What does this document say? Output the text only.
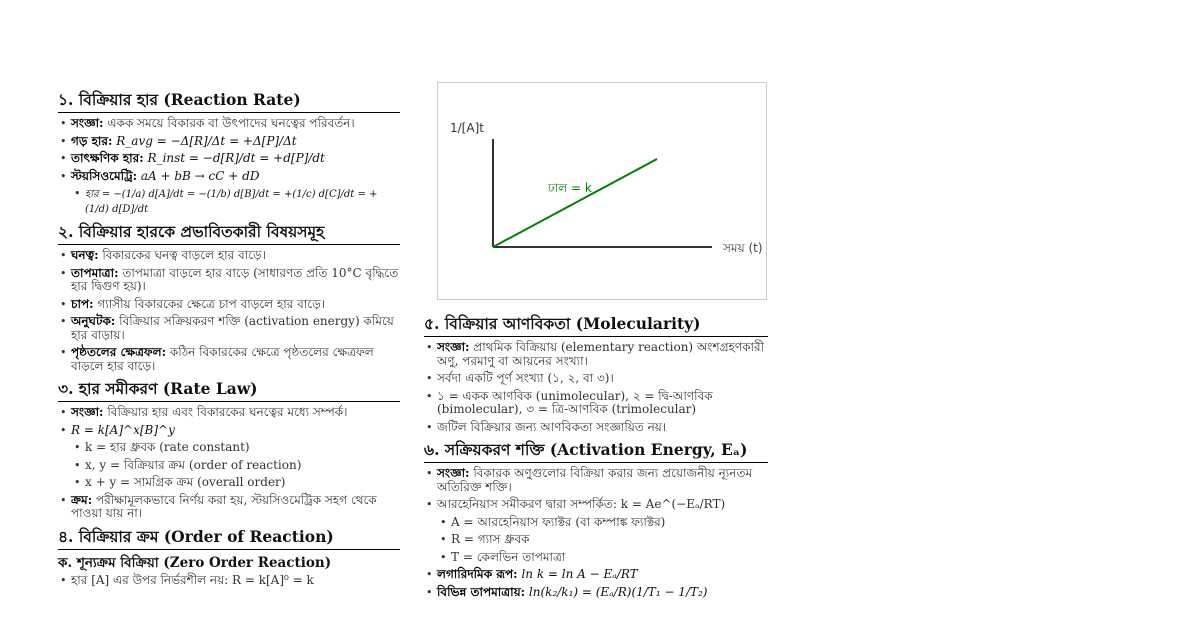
১. বিক্রিয়ার হার (Reaction Rate)
• সংজ্ঞা: একক সময়ে বিকারক বা উৎপাদের ঘনত্বের পরিবর্তন।
• গড় হার: R_avg = −Δ[R]/Δt = +Δ[P]/Δt
• তাৎক্ষণিক হার: R_inst = −d[R]/dt = +d[P]/dt
• স্টয়সিওমেট্রি: aA + bB → cC + dD
• হার = −(1/a) d[A]/dt = −(1/b) d[B]/dt = +(1/c) d[C]/dt = +(1/d) d[D]/dt
২. বিক্রিয়ার হারকে প্রভাবিতকারী বিষয়সমূহ
• ঘনত্ব: বিকারকের ঘনত্ব বাড়লে হার বাড়ে।
• তাপমাত্রা: তাপমাত্রা বাড়লে হার বাড়ে (সাধারণত প্রতি 10°C বৃদ্ধিতে হার দ্বিগুণ হয়)।
• চাপ: গ্যাসীয় বিকারকের ক্ষেত্রে চাপ বাড়লে হার বাড়ে।
• অনুঘটক: বিক্রিয়ার সক্রিয়করণ শক্তি (activation energy) কমিয়ে হার বাড়ায়।
• পৃষ্ঠতলের ক্ষেত্রফল: কঠিন বিকারকের ক্ষেত্রে পৃষ্ঠতলের ক্ষেত্রফল বাড়লে হার বাড়ে।
৩. হার সমীকরণ (Rate Law)
• সংজ্ঞা: বিক্রিয়ার হার এবং বিকারকের ঘনত্বের মধ্যে সম্পর্ক।
• R = k[A]^x[B]^y
• k = হার ধ্রুবক (rate constant)
• x, y = বিক্রিয়ার ক্রম (order of reaction)
• x + y = সামগ্রিক ক্রম (overall order)
• ক্রম: পরীক্ষামূলকভাবে নির্ণয় করা হয়, স্টয়সিওমেট্রিক সহগ থেকে পাওয়া যায় না।
৪. বিক্রিয়ার ক্রম (Order of Reaction)
ক. শূন্যক্রম বিক্রিয়া (Zero Order Reaction)
• হার [A] এর উপর নির্ভরশীল নয়: R = k[A]⁰ = k
1/[A]t
সময় (t)
ঢাল = k
৫. বিক্রিয়ার আণবিকতা (Molecularity)
• সংজ্ঞা: প্রাথমিক বিক্রিয়ায় (elementary reaction) অংশগ্রহণকারী অণু, পরমাণু বা আয়নের সংখ্যা।
• সর্বদা একটি পূর্ণ সংখ্যা (১, ২, বা ৩)।
• ১ = একক আণবিক (unimolecular), ২ = দ্বি-আণবিক (bimolecular), ৩ = ত্রি-আণবিক (trimolecular)
• জটিল বিক্রিয়ার জন্য আণবিকতা সংজ্ঞায়িত নয়।
৬. সক্রিয়করণ শক্তি (Activation Energy, Eₐ)
• সংজ্ঞা: বিকারক অণুগুলোর বিক্রিয়া করার জন্য প্রয়োজনীয় ন্যূনতম অতিরিক্ত শক্তি।
• আরহেনিয়াস সমীকরণ দ্বারা সম্পর্কিত: k = Ae^(−Eₐ/RT)
• A = আরহেনিয়াস ফ্যাক্টর (বা কম্পাঙ্ক ফ্যাক্টর)
• R = গ্যাস ধ্রুবক
• T = কেলভিন তাপমাত্রা
• লগারিদমিক রূপ: ln k = ln A − Eₐ/RT
• বিভিন্ন তাপমাত্রায়: ln(k₂/k₁) = (Eₐ/R)(1/T₁ − 1/T₂)
